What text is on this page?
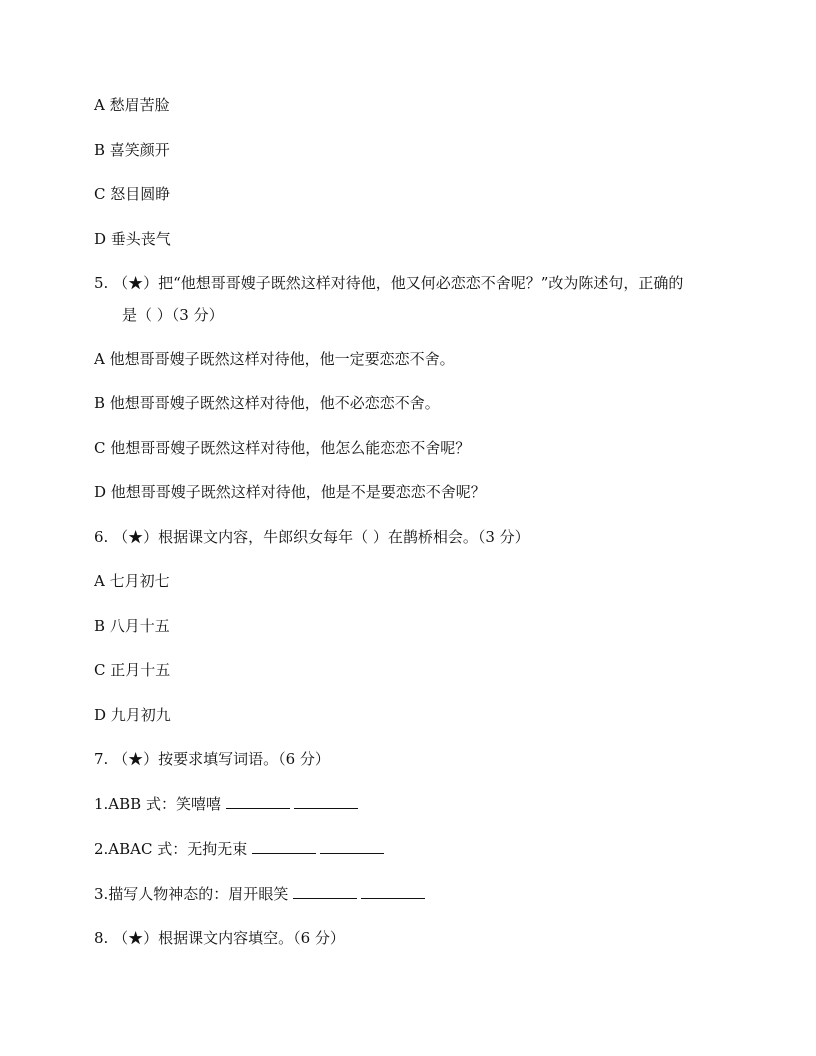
A 愁眉苦脸
B 喜笑颜开
C 怒目圆睁
D 垂头丧气
5. （★）把“他想哥哥嫂子既然这样对待他，他又何必恋恋不舍呢？”改为陈述句，正确的
是（ ）（3 分）
A 他想哥哥嫂子既然这样对待他，他一定要恋恋不舍。
B 他想哥哥嫂子既然这样对待他，他不必恋恋不舍。
C 他想哥哥嫂子既然这样对待他，他怎么能恋恋不舍呢？
D 他想哥哥嫂子既然这样对待他，他是不是要恋恋不舍呢？
6. （★）根据课文内容，牛郎织女每年（ ）在鹊桥相会。（3 分）
A 七月初七
B 八月十五
C 正月十五
D 九月初九
7. （★）按要求填写词语。（6 分）
1.ABB 式：笑嘻嘻
2.ABAC 式：无拘无束
3.描写人物神态的：眉开眼笑
8. （★）根据课文内容填空。（6 分）
